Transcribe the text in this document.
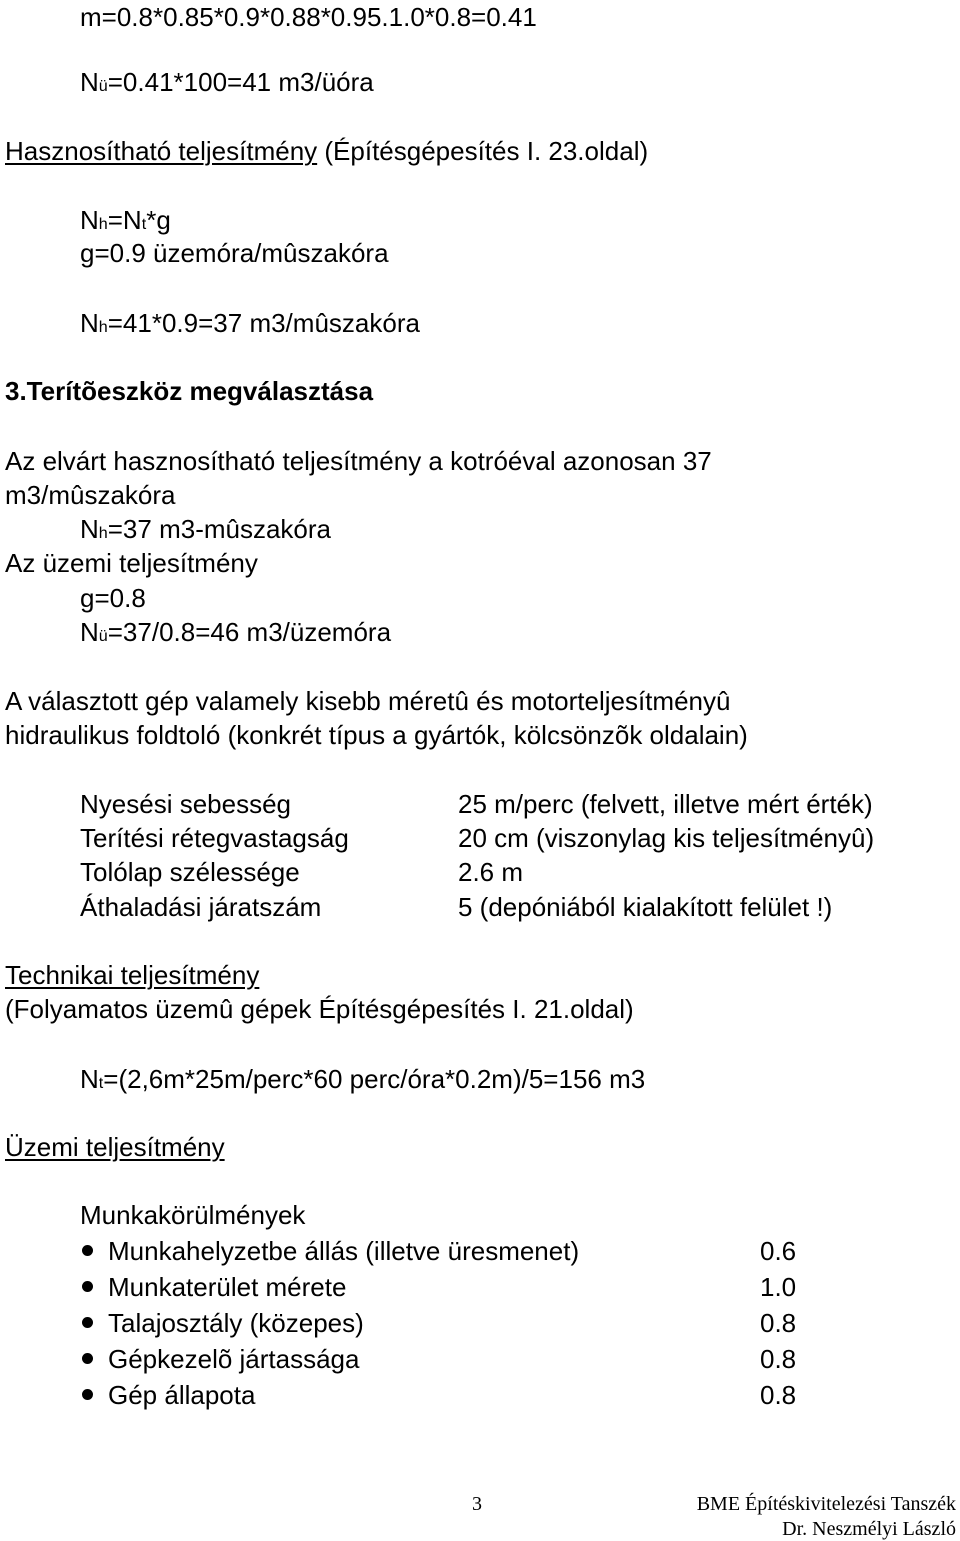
m=0.8*0.85*0.9*0.88*0.95.1.0*0.8=0.41
Nü=0.41*100=41 m3/üóra
Hasznosítható teljesítmény (Építésgépesítés I. 23.oldal)
Nh=Nt*g
g=0.9 üzemóra/mûszakóra
Nh=41*0.9=37 m3/mûszakóra
3.Terítõeszköz megválasztása
Az elvárt hasznosítható teljesítmény a kotróéval azonosan 37
m3/mûszakóra
Nh=37 m3-mûszakóra
Az üzemi teljesítmény
g=0.8
Nü=37/0.8=46 m3/üzemóra
A választott gép valamely kisebb méretû és motorteljesítményû
hidraulikus foldtoló (konkrét típus a gyártók, kölcsönzõk oldalain)
Nyesési sebesség	25 m/perc (felvett, illetve mért érték)
Terítési rétegvastagság	20 cm (viszonylag kis teljesítményû)
Tolólap szélessége	2.6 m
Áthaladási járatszám	5 (depóniából kialakított felület !)
Technikai teljesítmény
(Folyamatos üzemû gépek Építésgépesítés I. 21.oldal)
Nt=(2,6m*25m/perc*60 perc/óra*0.2m)/5=156 m3
Üzemi teljesítmény
Munkakörülmények
Munkahelyzetbe állás (illetve üresmenet)	0.6
Munkaterület mérete	1.0
Talajosztály (közepes)	0.8
Gépkezelõ jártassága	0.8
Gép állapota	0.8
3	BME Építéskivitelezési Tanszék
Dr. Neszmélyi László
